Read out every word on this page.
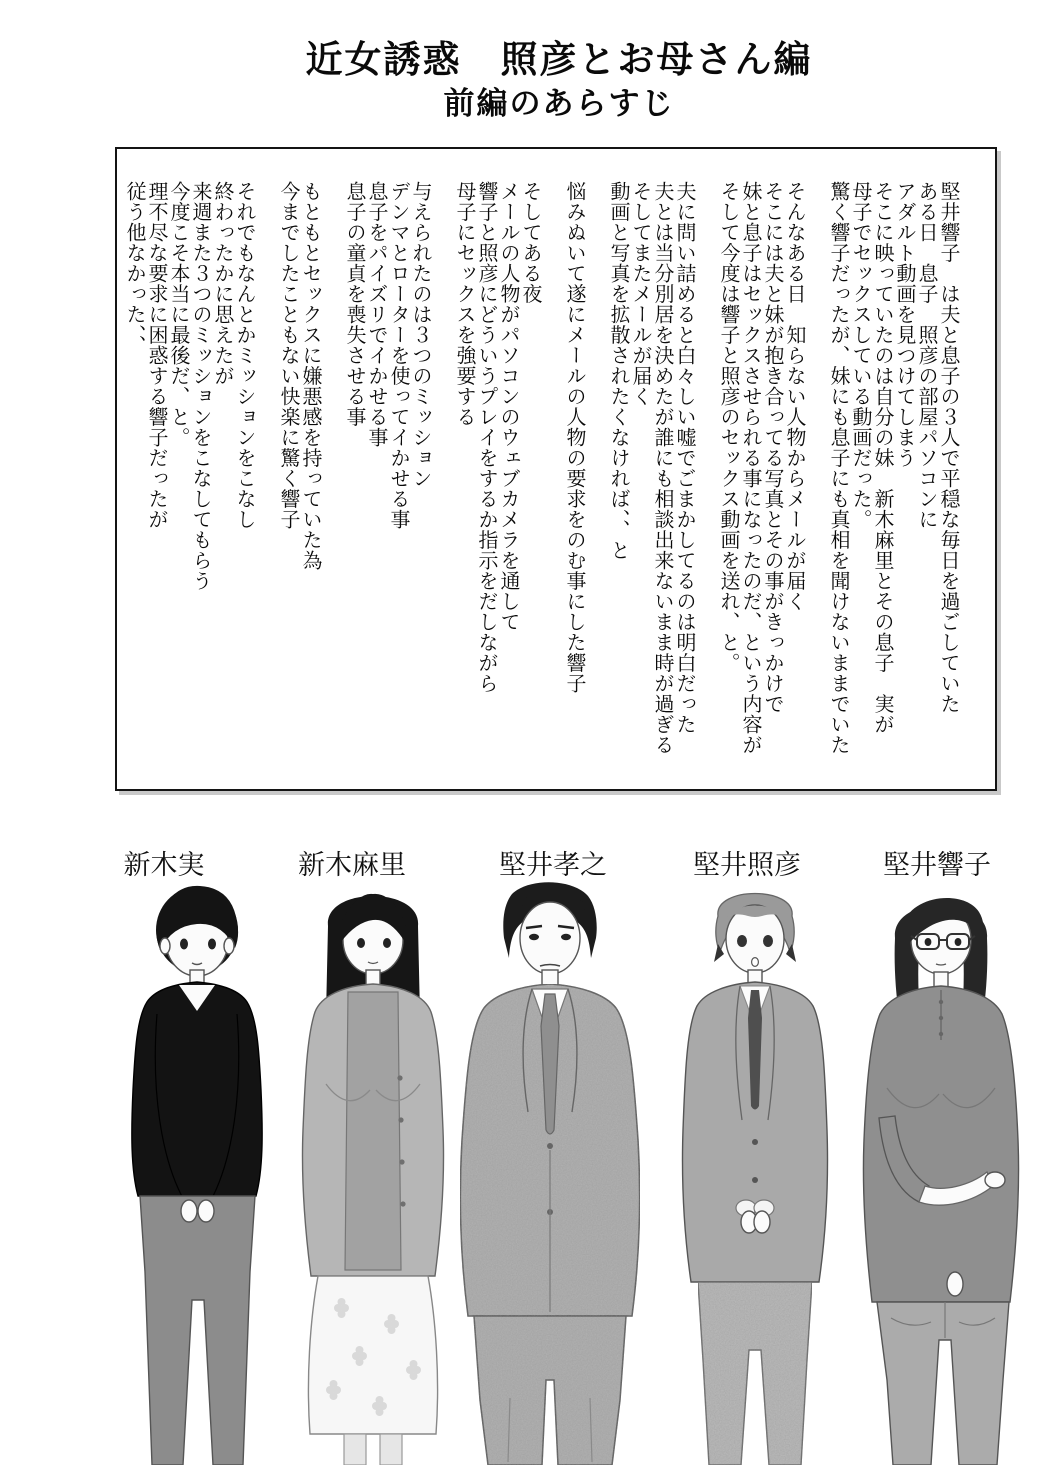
近女誘惑　照彦とお母さん編
前編のあらすじ
堅井響子　は夫と息子の３人で平穏な毎日を過ごしていた
ある日　息子　照彦の部屋パソコンに
アダルト動画を見つけてしまう
そこに映っていたのは自分の妹　新木麻里とその息子　実が
母子でセックスしている動画だった。
驚く響子だったが、妹にも息子にも真相を聞けないままでいた
そんなある日　知らない人物からメールが届く
そこには夫と妹が抱き合ってる写真とその事がきっかけで
妹と息子はセックスさせられる事になったのだ、という内容が
そして今度は響子と照彦のセックス動画を送れ、と。
夫に問い詰めると白々しい嘘でごまかしてるのは明白だった
夫とは当分別居を決めたが誰にも相談出来ないまま時が過ぎる
そしてまたメールが届く
動画と写真を拡散されたくなければ、、と
悩みぬいて遂にメールの人物の要求をのむ事にした響子
そしてある夜
メールの人物がパソコンのウェブカメラを通して
響子と照彦にどういうプレイをするか指示をだしながら
母子にセックスを強要する
与えられたのは３つのミッション
デンマとローターを使ってイかせる事
息子をパイズリでイかせる事
息子の童貞を喪失させる事
もともとセックスに嫌悪感を持っていた為
今までしたこともない快楽に驚く響子
それでもなんとかミッションをこなし
終わったかに思えたが
来週また３つのミッションをこなしてもらう
今度こそ本当に最後だ、と。
理不尽な要求に困惑する響子だったが
従う他なかった、、
新木実	新木麻里	堅井孝之	堅井照彦	堅井響子
